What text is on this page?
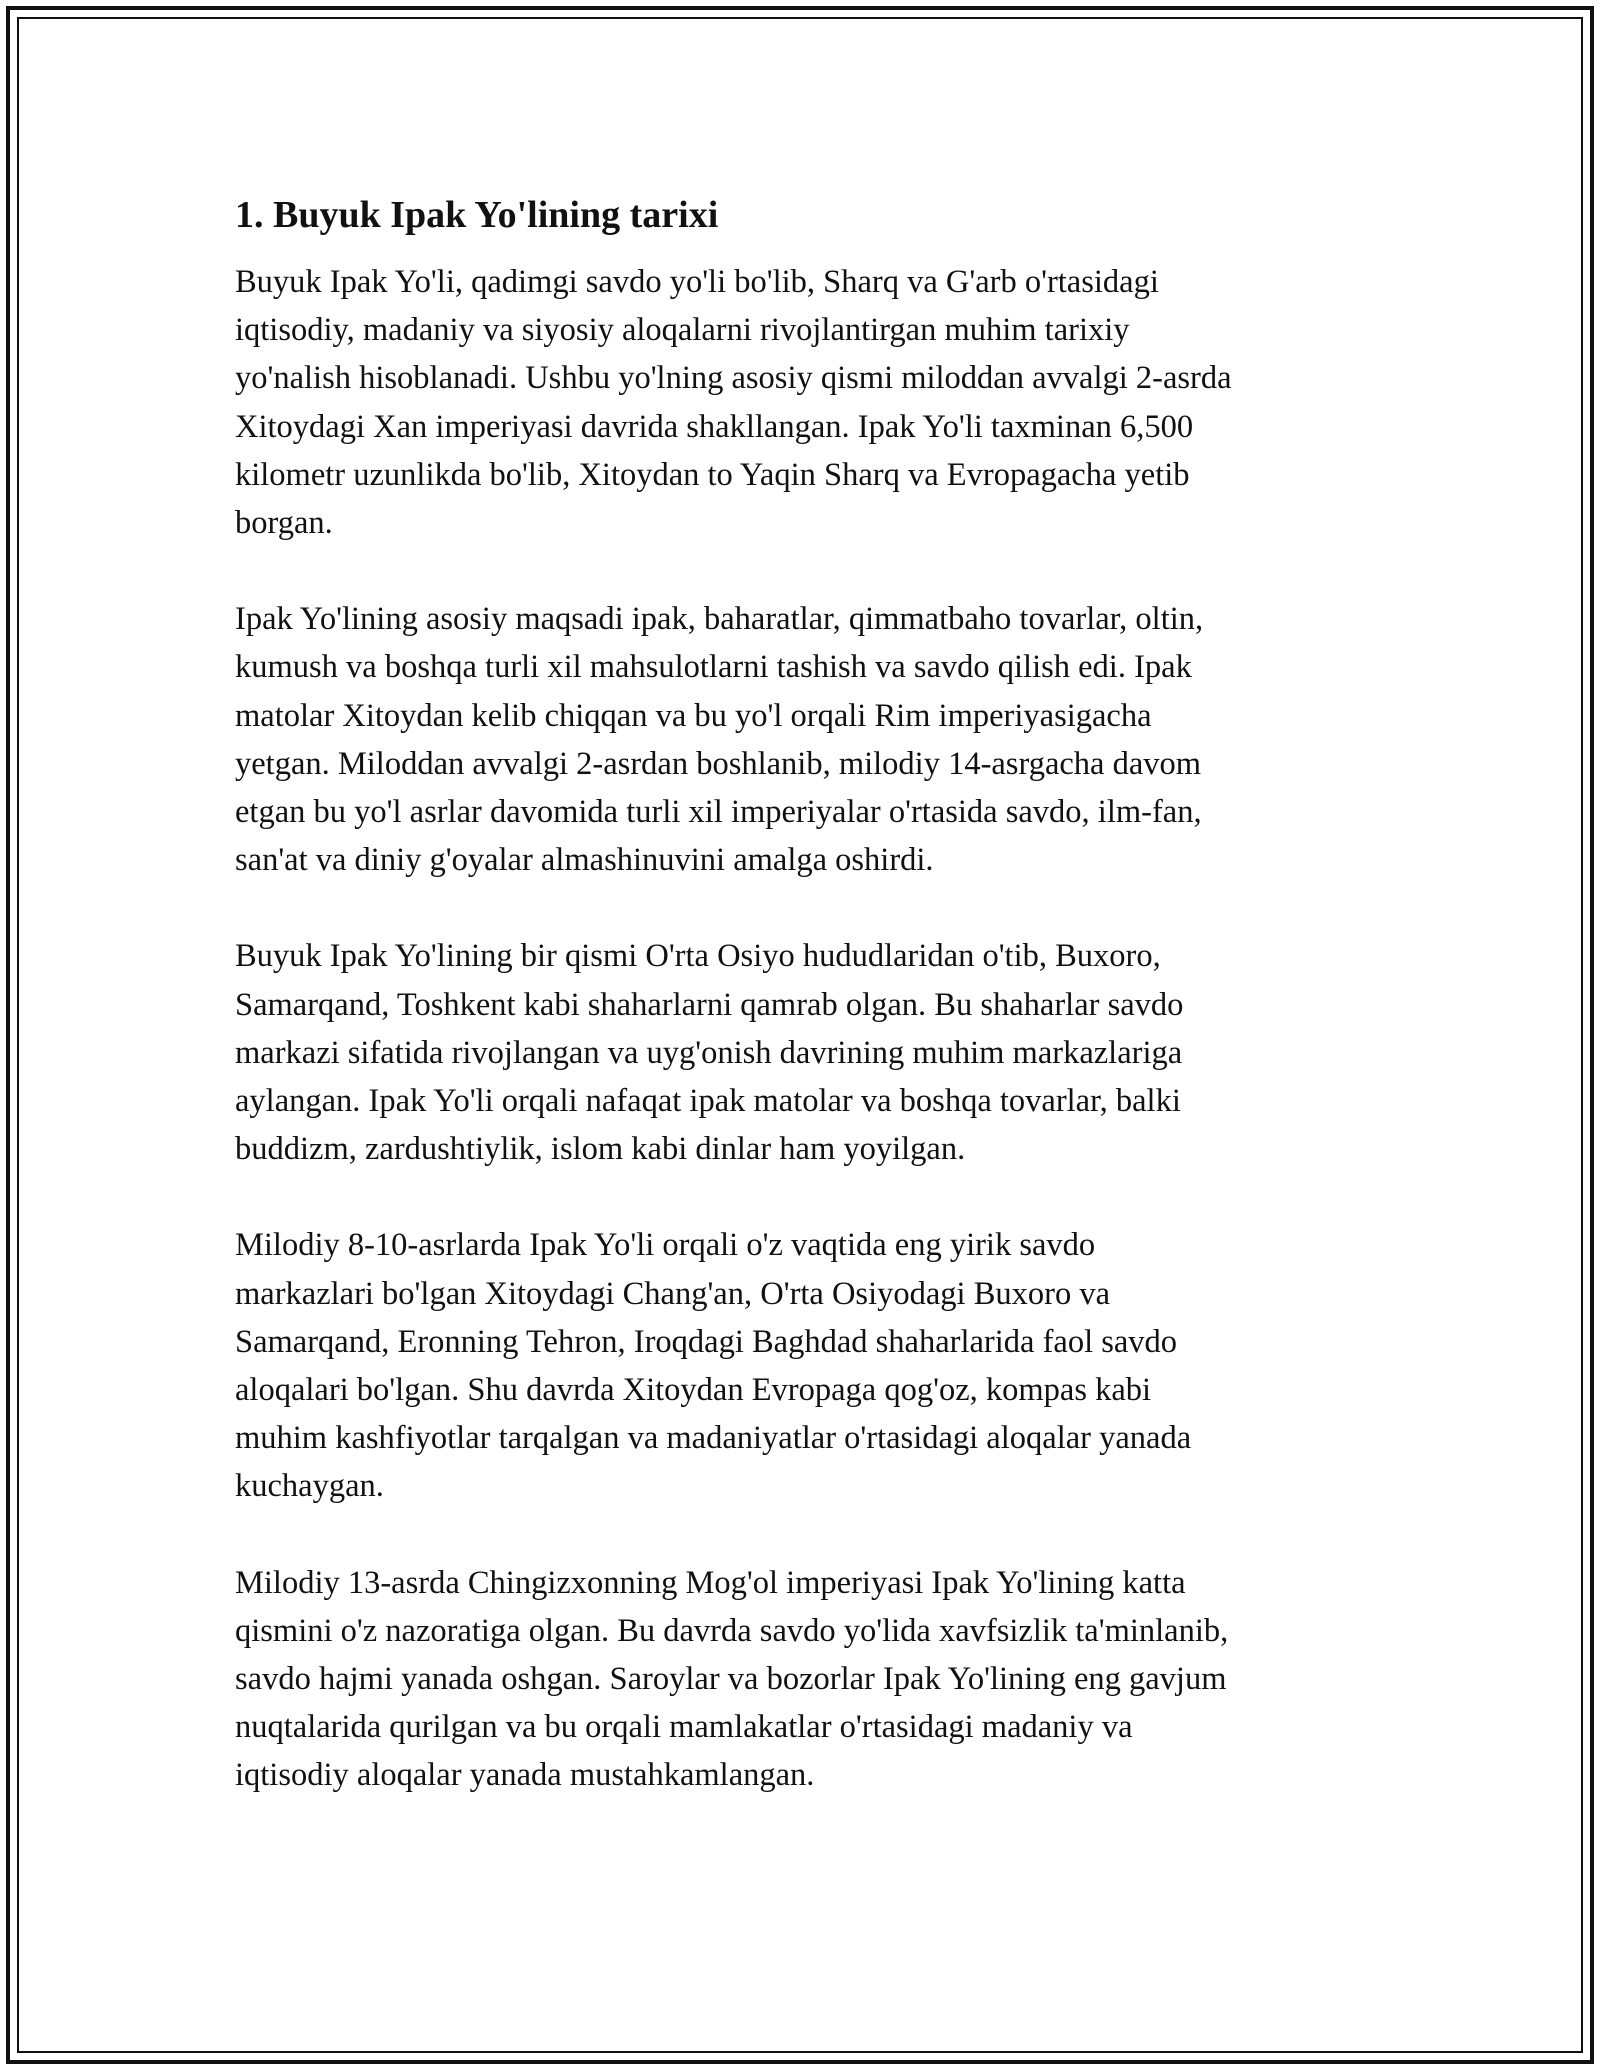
1. Buyuk Ipak Yo'lining tarixi

Buyuk Ipak Yo'li, qadimgi savdo yo'li bo'lib, Sharq va G'arb o'rtasidagi
iqtisodiy, madaniy va siyosiy aloqalarni rivojlantirgan muhim tarixiy
yo'nalish hisoblanadi. Ushbu yo'lning asosiy qismi miloddan avvalgi 2-asrda
Xitoydagi Xan imperiyasi davrida shakllangan. Ipak Yo'li taxminan 6,500
kilometr uzunlikda bo'lib, Xitoydan to Yaqin Sharq va Evropagacha yetib
borgan.

Ipak Yo'lining asosiy maqsadi ipak, baharatlar, qimmatbaho tovarlar, oltin,
kumush va boshqa turli xil mahsulotlarni tashish va savdo qilish edi. Ipak
matolar Xitoydan kelib chiqqan va bu yo'l orqali Rim imperiyasigacha
yetgan. Miloddan avvalgi 2-asrdan boshlanib, milodiy 14-asrgacha davom
etgan bu yo'l asrlar davomida turli xil imperiyalar o'rtasida savdo, ilm-fan,
san'at va diniy g'oyalar almashinuvini amalga oshirdi.

Buyuk Ipak Yo'lining bir qismi O'rta Osiyo hududlaridan o'tib, Buxoro,
Samarqand, Toshkent kabi shaharlarni qamrab olgan. Bu shaharlar savdo
markazi sifatida rivojlangan va uyg'onish davrining muhim markazlariga
aylangan. Ipak Yo'li orqali nafaqat ipak matolar va boshqa tovarlar, balki
buddizm, zardushtiylik, islom kabi dinlar ham yoyilgan.

Milodiy 8-10-asrlarda Ipak Yo'li orqali o'z vaqtida eng yirik savdo
markazlari bo'lgan Xitoydagi Chang'an, O'rta Osiyodagi Buxoro va
Samarqand, Eronning Tehron, Iroqdagi Baghdad shaharlarida faol savdo
aloqalari bo'lgan. Shu davrda Xitoydan Evropaga qog'oz, kompas kabi
muhim kashfiyotlar tarqalgan va madaniyatlar o'rtasidagi aloqalar yanada
kuchaygan.

Milodiy 13-asrda Chingizxonning Mog'ol imperiyasi Ipak Yo'lining katta
qismini o'z nazoratiga olgan. Bu davrda savdo yo'lida xavfsizlik ta'minlanib,
savdo hajmi yanada oshgan. Saroylar va bozorlar Ipak Yo'lining eng gavjum
nuqtalarida qurilgan va bu orqali mamlakatlar o'rtasidagi madaniy va
iqtisodiy aloqalar yanada mustahkamlangan.
